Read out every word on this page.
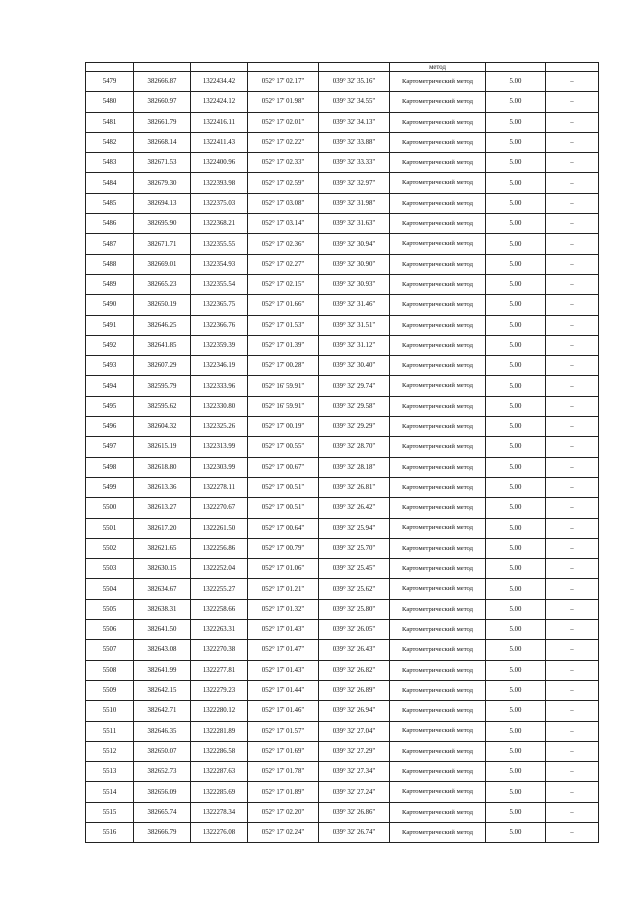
					метод		
5479	382666.87	1322434.42	052° 17' 02.17"	039° 32' 35.16"	Картометрический метод	5.00	–
5480	382660.97	1322424.12	052° 17' 01.98"	039° 32' 34.55"	Картометрический метод	5.00	–
5481	382661.79	1322416.11	052° 17' 02.01"	039° 32' 34.13"	Картометрический метод	5.00	–
5482	382668.14	1322411.43	052° 17' 02.22"	039° 32' 33.88"	Картометрический метод	5.00	–
5483	382671.53	1322400.96	052° 17' 02.33"	039° 32' 33.33"	Картометрический метод	5.00	–
5484	382679.30	1322393.98	052° 17' 02.59"	039° 32' 32.97"	Картометрический метод	5.00	–
5485	382694.13	1322375.03	052° 17' 03.08"	039° 32' 31.98"	Картометрический метод	5.00	–
5486	382695.90	1322368.21	052° 17' 03.14"	039° 32' 31.63"	Картометрический метод	5.00	–
5487	382671.71	1322355.55	052° 17' 02.36"	039° 32' 30.94"	Картометрический метод	5.00	–
5488	382669.01	1322354.93	052° 17' 02.27"	039° 32' 30.90"	Картометрический метод	5.00	–
5489	382665.23	1322355.54	052° 17' 02.15"	039° 32' 30.93"	Картометрический метод	5.00	–
5490	382650.19	1322365.75	052° 17' 01.66"	039° 32' 31.46"	Картометрический метод	5.00	–
5491	382646.25	1322366.76	052° 17' 01.53"	039° 32' 31.51"	Картометрический метод	5.00	–
5492	382641.85	1322359.39	052° 17' 01.39"	039° 32' 31.12"	Картометрический метод	5.00	–
5493	382607.29	1322346.19	052° 17' 00.28"	039° 32' 30.40"	Картометрический метод	5.00	–
5494	382595.79	1322333.96	052° 16' 59.91"	039° 32' 29.74"	Картометрический метод	5.00	–
5495	382595.62	1322330.80	052° 16' 59.91"	039° 32' 29.58"	Картометрический метод	5.00	–
5496	382604.32	1322325.26	052° 17' 00.19"	039° 32' 29.29"	Картометрический метод	5.00	–
5497	382615.19	1322313.99	052° 17' 00.55"	039° 32' 28.70"	Картометрический метод	5.00	–
5498	382618.80	1322303.99	052° 17' 00.67"	039° 32' 28.18"	Картометрический метод	5.00	–
5499	382613.36	1322278.11	052° 17' 00.51"	039° 32' 26.81"	Картометрический метод	5.00	–
5500	382613.27	1322270.67	052° 17' 00.51"	039° 32' 26.42"	Картометрический метод	5.00	–
5501	382617.20	1322261.50	052° 17' 00.64"	039° 32' 25.94"	Картометрический метод	5.00	–
5502	382621.65	1322256.86	052° 17' 00.79"	039° 32' 25.70"	Картометрический метод	5.00	–
5503	382630.15	1322252.04	052° 17' 01.06"	039° 32' 25.45"	Картометрический метод	5.00	–
5504	382634.67	1322255.27	052° 17' 01.21"	039° 32' 25.62"	Картометрический метод	5.00	–
5505	382638.31	1322258.66	052° 17' 01.32"	039° 32' 25.80"	Картометрический метод	5.00	–
5506	382641.50	1322263.31	052° 17' 01.43"	039° 32' 26.05"	Картометрический метод	5.00	–
5507	382643.08	1322270.38	052° 17' 01.47"	039° 32' 26.43"	Картометрический метод	5.00	–
5508	382641.99	1322277.81	052° 17' 01.43"	039° 32' 26.82"	Картометрический метод	5.00	–
5509	382642.15	1322279.23	052° 17' 01.44"	039° 32' 26.89"	Картометрический метод	5.00	–
5510	382642.71	1322280.12	052° 17' 01.46"	039° 32' 26.94"	Картометрический метод	5.00	–
5511	382646.35	1322281.89	052° 17' 01.57"	039° 32' 27.04"	Картометрический метод	5.00	–
5512	382650.07	1322286.58	052° 17' 01.69"	039° 32' 27.29"	Картометрический метод	5.00	–
5513	382652.73	1322287.63	052° 17' 01.78"	039° 32' 27.34"	Картометрический метод	5.00	–
5514	382656.09	1322285.69	052° 17' 01.89"	039° 32' 27.24"	Картометрический метод	5.00	–
5515	382665.74	1322278.34	052° 17' 02.20"	039° 32' 26.86"	Картометрический метод	5.00	–
5516	382666.79	1322276.08	052° 17' 02.24"	039° 32' 26.74"	Картометрический метод	5.00	–
